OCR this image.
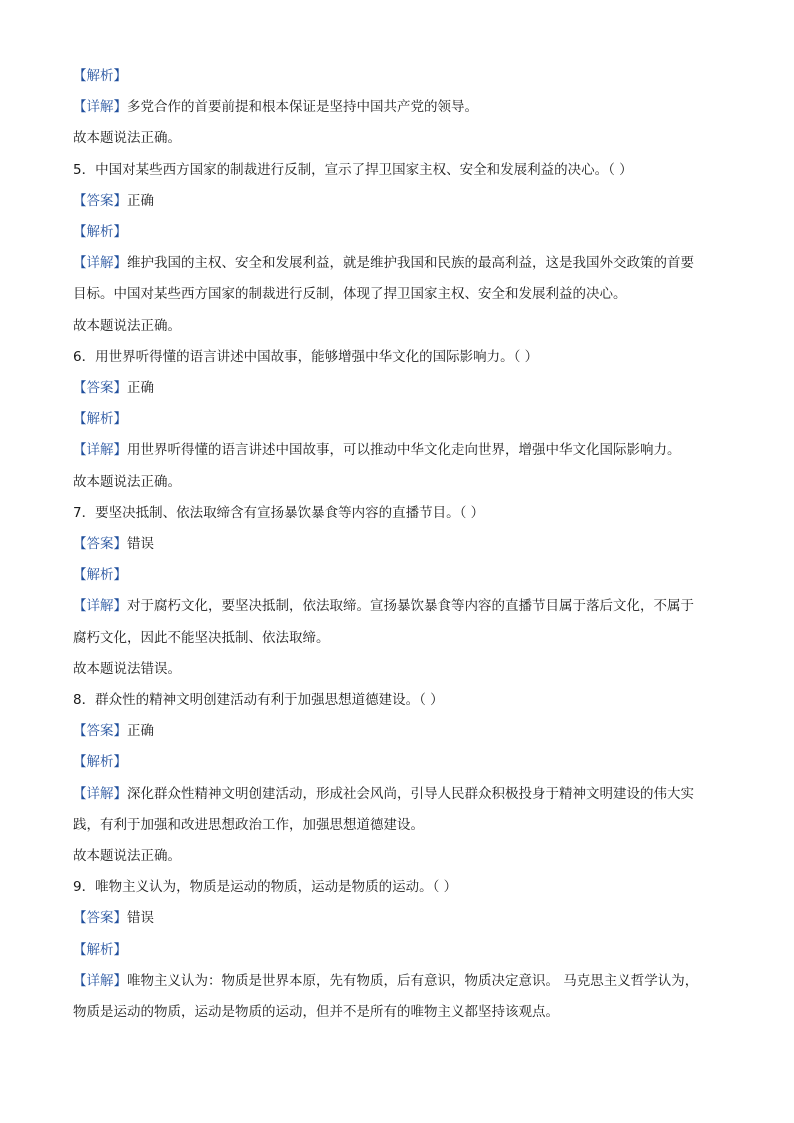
【解析】
【详解】多党合作的首要前提和根本保证是坚持中国共产党的领导。
故本题说法正确。
5．中国对某些西方国家的制裁进行反制，宣示了捍卫国家主权、安全和发展利益的决心。（ ）
【答案】正确
【解析】
【详解】维护我国的主权、安全和发展利益，就是维护我国和民族的最高利益，这是我国外交政策的首要
目标。中国对某些西方国家的制裁进行反制，体现了捍卫国家主权、安全和发展利益的决心。
故本题说法正确。
6．用世界听得懂的语言讲述中国故事，能够增强中华文化的国际影响力。（ ）
【答案】正确
【解析】
【详解】用世界听得懂的语言讲述中国故事，可以推动中华文化走向世界，增强中华文化国际影响力。
故本题说法正确。
7．要坚决抵制、依法取缔含有宣扬暴饮暴食等内容的直播节目。（ ）
【答案】错误
【解析】
【详解】对于腐朽文化，要坚决抵制，依法取缔。宣扬暴饮暴食等内容的直播节目属于落后文化，不属于
腐朽文化，因此不能坚决抵制、依法取缔。
故本题说法错误。
8．群众性的精神文明创建活动有利于加强思想道德建设。（ ）
【答案】正确
【解析】
【详解】深化群众性精神文明创建活动，形成社会风尚，引导人民群众积极投身于精神文明建设的伟大实
践，有利于加强和改进思想政治工作，加强思想道德建设。
故本题说法正确。
9．唯物主义认为，物质是运动的物质，运动是物质的运动。（ ）
【答案】错误
【解析】
【详解】唯物主义认为：物质是世界本原，先有物质，后有意识，物质决定意识。 马克思主义哲学认为，
物质是运动的物质，运动是物质的运动，但并不是所有的唯物主义都坚持该观点。
